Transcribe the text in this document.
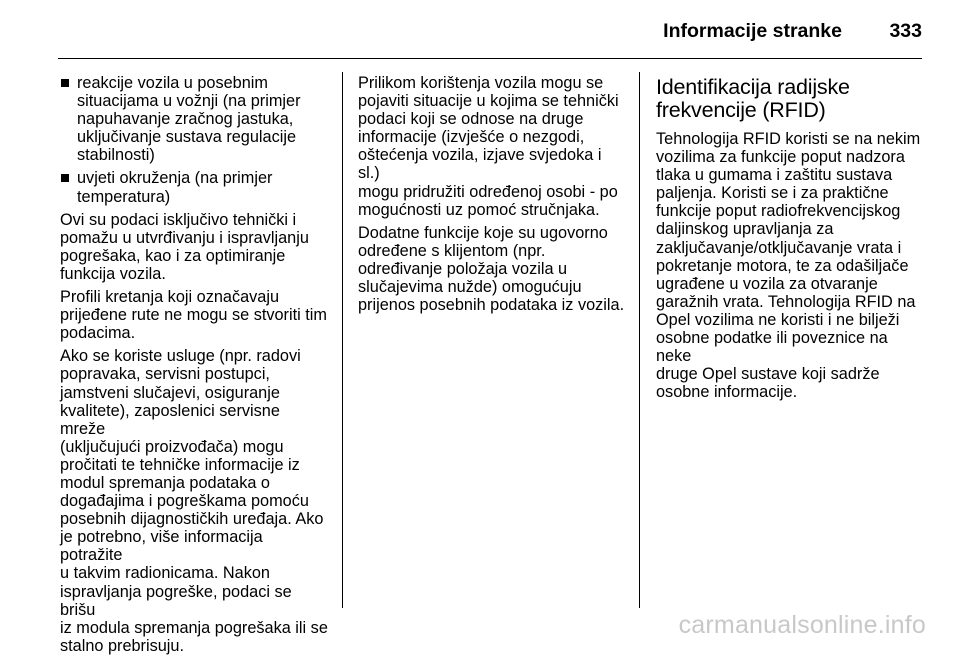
Informacije stranke 333
reakcije vozila u posebnim
situacijama u vožnji (na primjer
napuhavanje zračnog jastuka,
uključivanje sustava regulacije
stabilnosti)
uvjeti okruženja (na primjer
temperatura)

Ovi su podaci isključivo tehnički i
pomažu u utvrđivanju i ispravljanju
pogrešaka, kao i za optimiranje
funkcija vozila.

Profili kretanja koji označavaju
prijeđene rute ne mogu se stvoriti tim
podacima.

Ako se koriste usluge (npr. radovi
popravaka, servisni postupci,
jamstveni slučajevi, osiguranje
kvalitete), zaposlenici servisne mreže
(uključujući proizvođača) mogu
pročitati te tehničke informacije iz
modul spremanja podataka o
događajima i pogreškama pomoću
posebnih dijagnostičkih uređaja. Ako
je potrebno, više informacija potražite
u takvim radionicama. Nakon
ispravljanja pogreške, podaci se brišu
iz modula spremanja pogrešaka ili se
stalno prebrisuju.

Prilikom korištenja vozila mogu se
pojaviti situacije u kojima se tehnički
podaci koji se odnose na druge
informacije (izvješće o nezgodi,
oštećenja vozila, izjave svjedoka i sl.)
mogu pridružiti određenoj osobi - po
mogućnosti uz pomoć stručnjaka.

Dodatne funkcije koje su ugovorno
određene s klijentom (npr.
određivanje položaja vozila u
slučajevima nužde) omogućuju
prijenos posebnih podataka iz vozila.

Identifikacija radijske
frekvencije (RFID)

Tehnologija RFID koristi se na nekim
vozilima za funkcije poput nadzora
tlaka u gumama i zaštitu sustava
paljenja. Koristi se i za praktične
funkcije poput radiofrekvencijskog
daljinskog upravljanja za
zaključavanje/otključavanje vrata i
pokretanje motora, te za odašiljače
ugrađene u vozila za otvaranje
garažnih vrata. Tehnologija RFID na
Opel vozilima ne koristi i ne bilježi
osobne podatke ili poveznice na neke
druge Opel sustave koji sadrže
osobne informacije.

carmanualsonline.info
